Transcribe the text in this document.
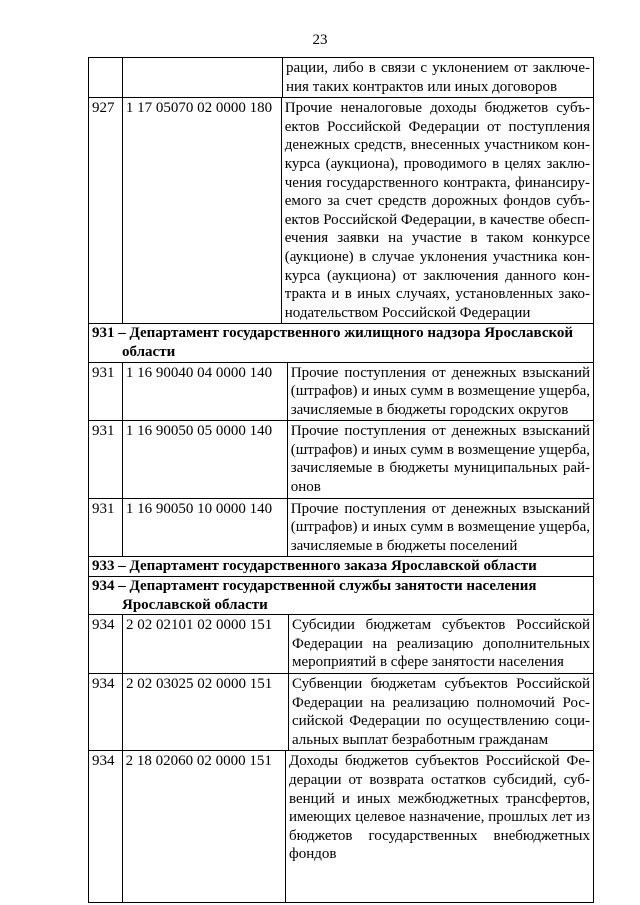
23
рации, либо в связи с уклонением от заключе-
ния таких контрактов или иных договоров
927 1 17 05070 02 0000 180 Прочие неналоговые доходы бюджетов субъ-
ектов Российской Федерации от поступления
денежных средств, внесенных участником кон-
курса (аукциона), проводимого в целях заклю-
чения государственного контракта, финансиру-
емого за счет средств дорожных фондов субъ-
ектов Российской Федерации, в качестве обесп-
ечения заявки на участие в таком конкурсе
(аукционе) в случае уклонения участника кон-
курса (аукциона) от заключения данного кон-
тракта и в иных случаях, установленных зако-
нодательством Российской Федерации
931 – Департамент государственного жилищного надзора Ярославской
области
931 1 16 90040 04 0000 140	Прочие поступления от денежных взысканий
(штрафов) и иных сумм в возмещение ущерба,
зачисляемые в бюджеты городских округов
931 1 16 90050 05 0000 140	Прочие поступления от денежных взысканий
(штрафов) и иных сумм в возмещение ущерба,
зачисляемые в бюджеты муниципальных рай-
онов
931 1 16 90050 10 0000 140	Прочие поступления от денежных взысканий
(штрафов) и иных сумм в возмещение ущерба,
зачисляемые в бюджеты поселений
933 – Департамент государственного заказа Ярославской области
934 – Департамент государственной службы занятости населения
Ярославской области
934 2 02 02101 02 0000 151	Субсидии бюджетам субъектов Российской
Федерации на реализацию дополнительных
мероприятий в сфере занятости населения
934 2 02 03025 02 0000 151	Субвенции бюджетам субъектов Российской
Федерации на реализацию полномочий Рос-
сийской Федерации по осуществлению соци-
альных выплат безработным гражданам
934 2 18 02060 02 0000 151	Доходы бюджетов субъектов Российской Фе-
дерации от возврата остатков субсидий, суб-
венций и иных межбюджетных трансфертов,
имеющих целевое назначение, прошлых лет из
бюджетов государственных внебюджетных
фондов
